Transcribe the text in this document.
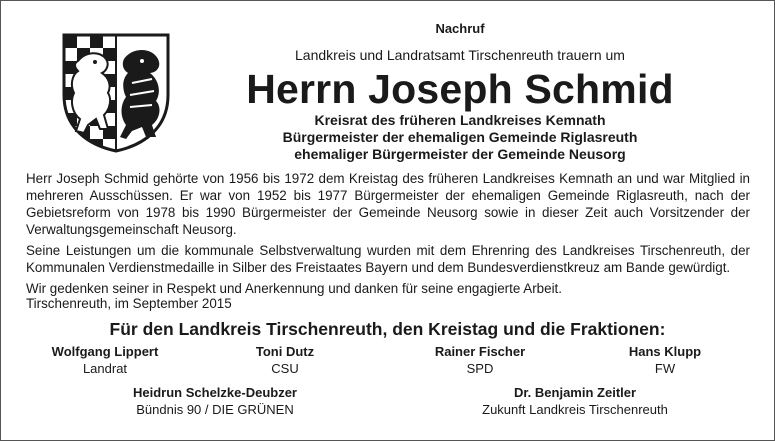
Nachruf
Landkreis und Landratsamt Tirschenreuth trauern um
Herrn Joseph Schmid
Kreisrat des früheren Landkreises Kemnath
Bürgermeister der ehemaligen Gemeinde Riglasreuth
ehemaliger Bürgermeister der Gemeinde Neusorg

Herr Joseph Schmid gehörte von 1956 bis 1972 dem Kreistag des früheren Landkreises Kemnath an und war Mitglied in mehreren Ausschüssen. Er war von 1952 bis 1977 Bürgermeister der ehemaligen Gemeinde Riglasreuth, nach der Gebietsreform von 1978 bis 1990 Bürgermeister der Gemeinde Neusorg sowie in dieser Zeit auch Vorsitzender der Verwaltungsgemeinschaft Neusorg.

Seine Leistungen um die kommunale Selbstverwaltung wurden mit dem Ehrenring des Landkreises Tirschenreuth, der Kommunalen Verdienstmedaille in Silber des Freistaates Bayern und dem Bundesverdienstkreuz am Bande gewürdigt.

Wir gedenken seiner in Respekt und Anerkennung und danken für seine engagierte Arbeit.

Tirschenreuth, im September 2015
Für den Landkreis Tirschenreuth, den Kreistag und die Fraktionen:
Wolfgang Lippert
Landrat
Toni Dutz
CSU
Rainer Fischer
SPD
Hans Klupp
FW
Heidrun Schelzke-Deubzer
Bündnis 90 / DIE GRÜNEN
Dr. Benjamin Zeitler
Zukunft Landkreis Tirschenreuth
